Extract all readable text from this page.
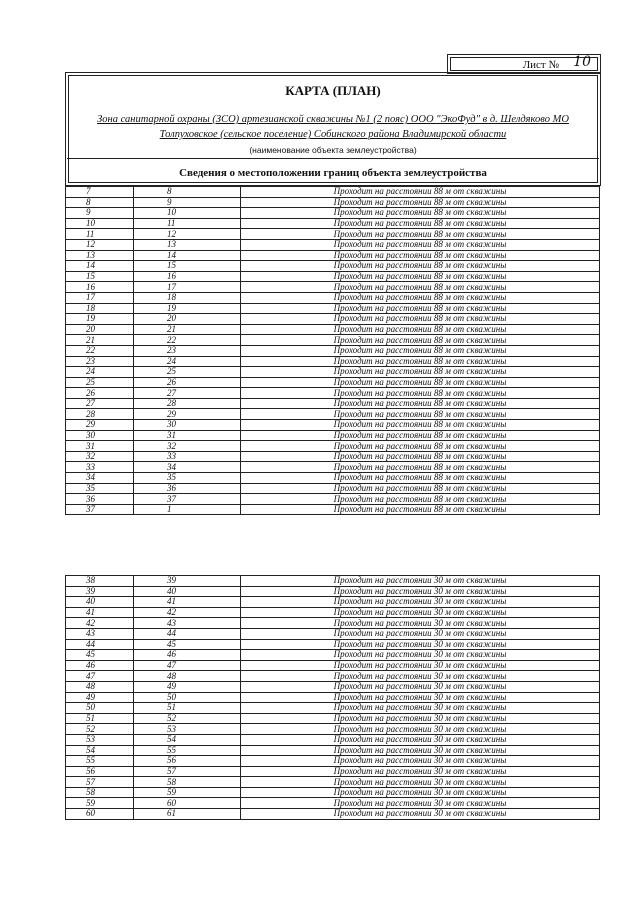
Лист № 10
КАРТА (ПЛАН)
Зона санитарной охраны (ЗСО) артезианской скважины №1 (2 пояс) ООО "ЭкоФуд" в д. Шелдяково МО
Толпуховское (сельское поселение) Собинского района Владимирской области
(наименование объекта землеустройства)
Сведения о местоположении границ объекта землеустройства
7	8	Проходит на расстоянии 88 м от скважины
8	9	Проходит на расстоянии 88 м от скважины
9	10	Проходит на расстоянии 88 м от скважины
10	11	Проходит на расстоянии 88 м от скважины
11	12	Проходит на расстоянии 88 м от скважины
12	13	Проходит на расстоянии 88 м от скважины
13	14	Проходит на расстоянии 88 м от скважины
14	15	Проходит на расстоянии 88 м от скважины
15	16	Проходит на расстоянии 88 м от скважины
16	17	Проходит на расстоянии 88 м от скважины
17	18	Проходит на расстоянии 88 м от скважины
18	19	Проходит на расстоянии 88 м от скважины
19	20	Проходит на расстоянии 88 м от скважины
20	21	Проходит на расстоянии 88 м от скважины
21	22	Проходит на расстоянии 88 м от скважины
22	23	Проходит на расстоянии 88 м от скважины
23	24	Проходит на расстоянии 88 м от скважины
24	25	Проходит на расстоянии 88 м от скважины
25	26	Проходит на расстоянии 88 м от скважины
26	27	Проходит на расстоянии 88 м от скважины
27	28	Проходит на расстоянии 88 м от скважины
28	29	Проходит на расстоянии 88 м от скважины
29	30	Проходит на расстоянии 88 м от скважины
30	31	Проходит на расстоянии 88 м от скважины
31	32	Проходит на расстоянии 88 м от скважины
32	33	Проходит на расстоянии 88 м от скважины
33	34	Проходит на расстоянии 88 м от скважины
34	35	Проходит на расстоянии 88 м от скважины
35	36	Проходит на расстоянии 88 м от скважины
36	37	Проходит на расстоянии 88 м от скважины
37	1	Проходит на расстоянии 88 м от скважины
38	39	Проходит на расстоянии 30 м от скважины
39	40	Проходит на расстоянии 30 м от скважины
40	41	Проходит на расстоянии 30 м от скважины
41	42	Проходит на расстоянии 30 м от скважины
42	43	Проходит на расстоянии 30 м от скважины
43	44	Проходит на расстоянии 30 м от скважины
44	45	Проходит на расстоянии 30 м от скважины
45	46	Проходит на расстоянии 30 м от скважины
46	47	Проходит на расстоянии 30 м от скважины
47	48	Проходит на расстоянии 30 м от скважины
48	49	Проходит на расстоянии 30 м от скважины
49	50	Проходит на расстоянии 30 м от скважины
50	51	Проходит на расстоянии 30 м от скважины
51	52	Проходит на расстоянии 30 м от скважины
52	53	Проходит на расстоянии 30 м от скважины
53	54	Проходит на расстоянии 30 м от скважины
54	55	Проходит на расстоянии 30 м от скважины
55	56	Проходит на расстоянии 30 м от скважины
56	57	Проходит на расстоянии 30 м от скважины
57	58	Проходит на расстоянии 30 м от скважины
58	59	Проходит на расстоянии 30 м от скважины
59	60	Проходит на расстоянии 30 м от скважины
60	61	Проходит на расстоянии 30 м от скважины
